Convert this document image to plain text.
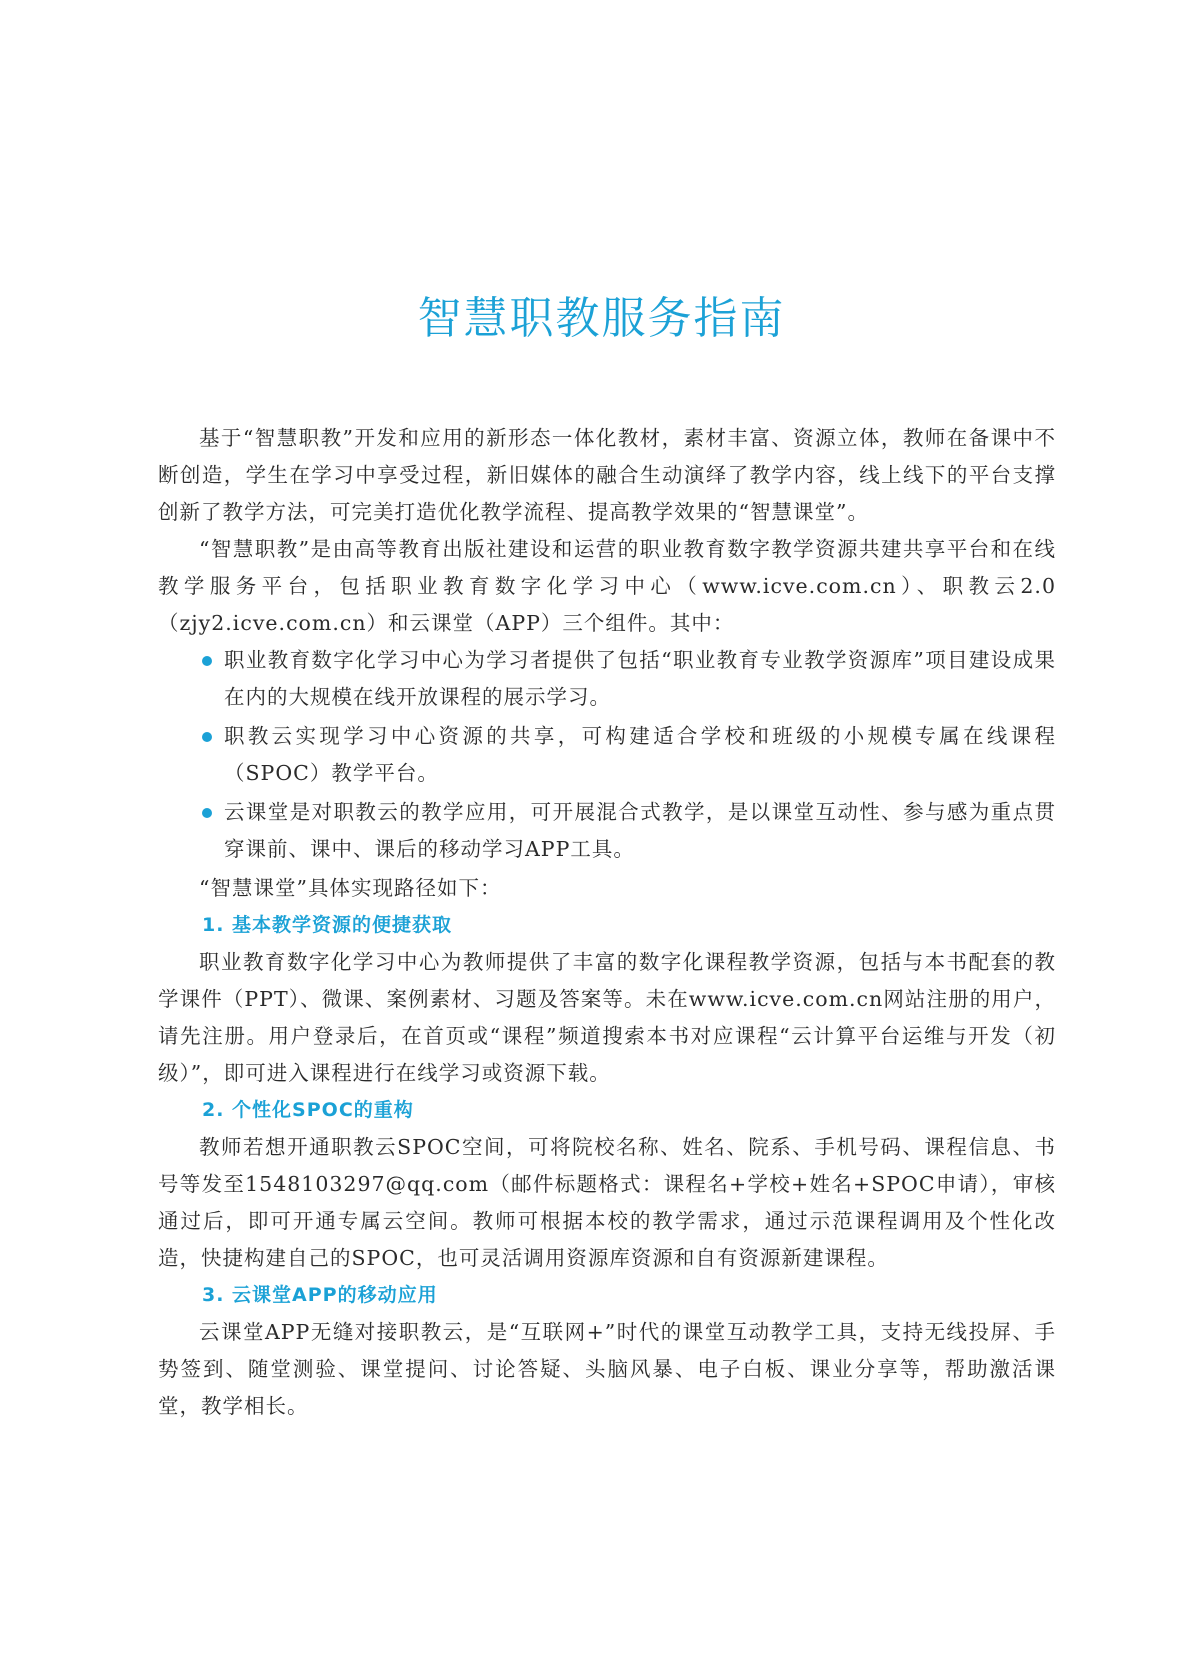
智慧职教服务指南

基于“智慧职教”开发和应用的新形态一体化教材，素材丰富、资源立体，教师在备课中不断创造，学生在学习中享受过程，新旧媒体的融合生动演绎了教学内容，线上线下的平台支撑创新了教学方法，可完美打造优化教学流程、提高教学效果的“智慧课堂”。

“智慧职教”是由高等教育出版社建设和运营的职业教育数字教学资源共建共享平台和在线教学服务平台，包括职业教育数字化学习中心（www.icve.com.cn）、职教云2.0（zjy2.icve.com.cn）和云课堂（APP）三个组件。其中：

职业教育数字化学习中心为学习者提供了包括“职业教育专业教学资源库”项目建设成果在内的大规模在线开放课程的展示学习。
职教云实现学习中心资源的共享，可构建适合学校和班级的小规模专属在线课程（SPOC）教学平台。
云课堂是对职教云的教学应用，可开展混合式教学，是以课堂互动性、参与感为重点贯穿课前、课中、课后的移动学习APP工具。

“智慧课堂”具体实现路径如下：

1. 基本教学资源的便捷获取

职业教育数字化学习中心为教师提供了丰富的数字化课程教学资源，包括与本书配套的教学课件（PPT）、微课、案例素材、习题及答案等。未在www.icve.com.cn网站注册的用户，请先注册。用户登录后，在首页或“课程”频道搜索本书对应课程“云计算平台运维与开发（初级）”，即可进入课程进行在线学习或资源下载。

2. 个性化SPOC的重构

教师若想开通职教云SPOC空间，可将院校名称、姓名、院系、手机号码、课程信息、书号等发至1548103297@qq.com（邮件标题格式：课程名+学校+姓名+SPOC申请），审核通过后，即可开通专属云空间。教师可根据本校的教学需求，通过示范课程调用及个性化改造，快捷构建自己的SPOC，也可灵活调用资源库资源和自有资源新建课程。

3. 云课堂APP的移动应用

云课堂APP无缝对接职教云，是“互联网+”时代的课堂互动教学工具，支持无线投屏、手势签到、随堂测验、课堂提问、讨论答疑、头脑风暴、电子白板、课业分享等，帮助激活课堂，教学相长。
